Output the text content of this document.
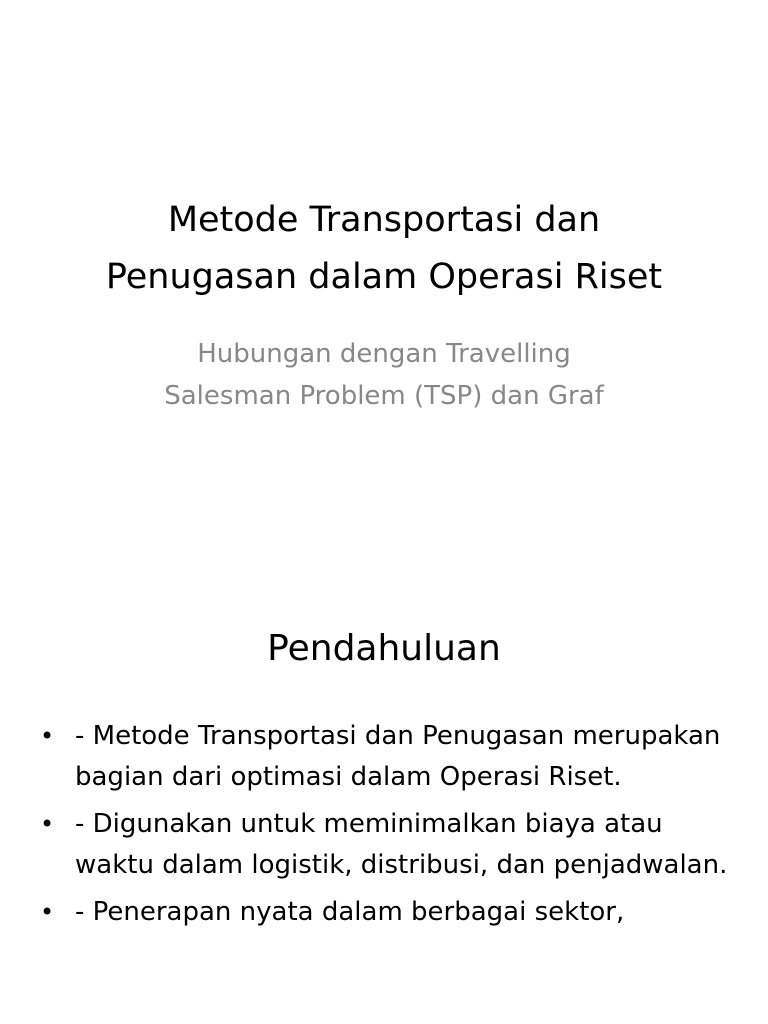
Metode Transportasi dan
Penugasan dalam Operasi Riset

Hubungan dengan Travelling
Salesman Problem (TSP) dan Graf

Pendahuluan
• - Metode Transportasi dan Penugasan merupakan bagian dari optimasi dalam Operasi Riset.
• - Digunakan untuk meminimalkan biaya atau waktu dalam logistik, distribusi, dan penjadwalan.
• - Penerapan nyata dalam berbagai sektor,
